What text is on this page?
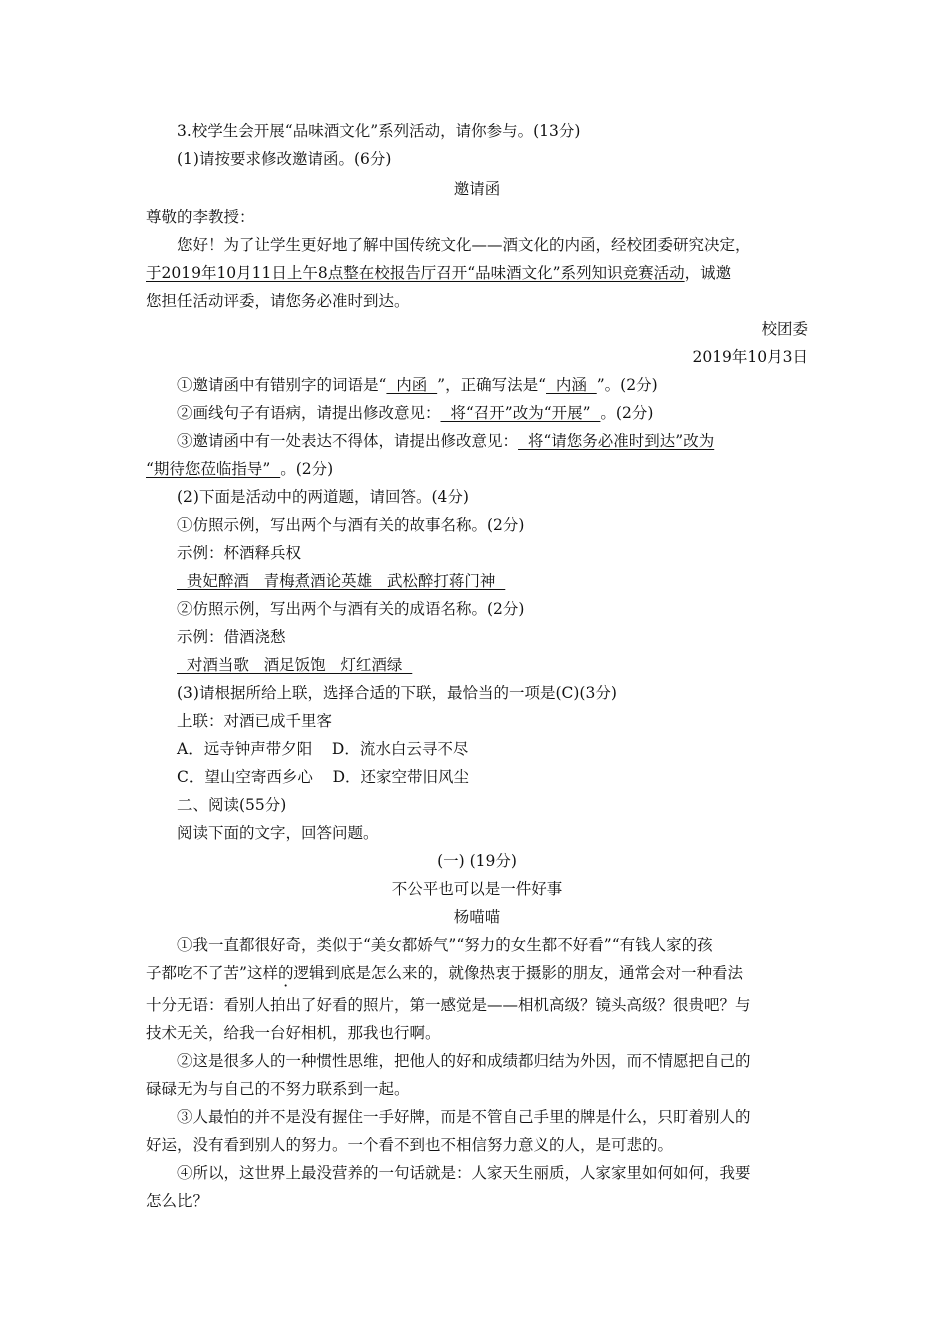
3.校学生会开展“品味酒文化”系列活动，请你参与。(13分)
(1)请按要求修改邀请函。(6分)
邀请函
尊敬的李教授：
您好！为了让学生更好地了解中国传统文化——酒文化的内函，经校团委研究决定，
于2019年10月11日上午8点整在校报告厅召开“品味酒文化”系列知识竞赛活动，诚邀
您担任活动评委，请您务必准时到达。
校团委
2019年10月3日
①邀请函中有错别字的词语是“  内函  ”，正确写法是“  内涵  ”。(2分)
②画线句子有语病，请提出修改意见：  将“召开”改为“开展”  。(2分)
③邀请函中有一处表达不得体，请提出修改意见：  将“请您务必准时到达”改为
“期待您莅临指导”  。(2分)
(2)下面是活动中的两道题，请回答。(4分)
①仿照示例，写出两个与酒有关的故事名称。(2分)
示例：杯酒释兵权
贵妃醉酒   青梅煮酒论英雄   武松醉打蒋门神
②仿照示例，写出两个与酒有关的成语名称。(2分)
示例：借酒浇愁
对酒当歌   酒足饭饱   灯红酒绿
(3)请根据所给上联，选择合适的下联，最恰当的一项是(C)(3分)
上联：对酒已成千里客
A．远寺钟声带夕阳    D．流水白云寻不尽
C．望山空寄西乡心    D．还家空带旧风尘
二、阅读(55分)
阅读下面的文字，回答问题。
(一) (19分)
不公平也可以是一件好事
杨喵喵
①我一直都很好奇，类似于“美女都娇气”“努力的女生都不好看”“有钱人家的孩
子都吃不了苦”这样的逻辑 ·到底是怎么来的，就像热衷于摄影的朋友，通常会对一种看法
十分无语：看别人拍出了好看的照片，第一感觉是——相机高级？镜头高级？很贵吧？与
技术无关，给我一台好相机，那我也行啊。
②这是很多人的一种惯性思维，把他人的好和成绩都归结为外因，而不情愿把自己的
碌碌无为与自己的不努力联系到一起。
③人最怕的并不是没有握住一手好牌，而是不管自己手里的牌是什么，只盯着别人的
好运，没有看到别人的努力。一个看不到也不相信努力意义的人，是可悲的。
④所以，这世界上最没营养的一句话就是：人家天生丽质，人家家里如何如何，我要
怎么比？
